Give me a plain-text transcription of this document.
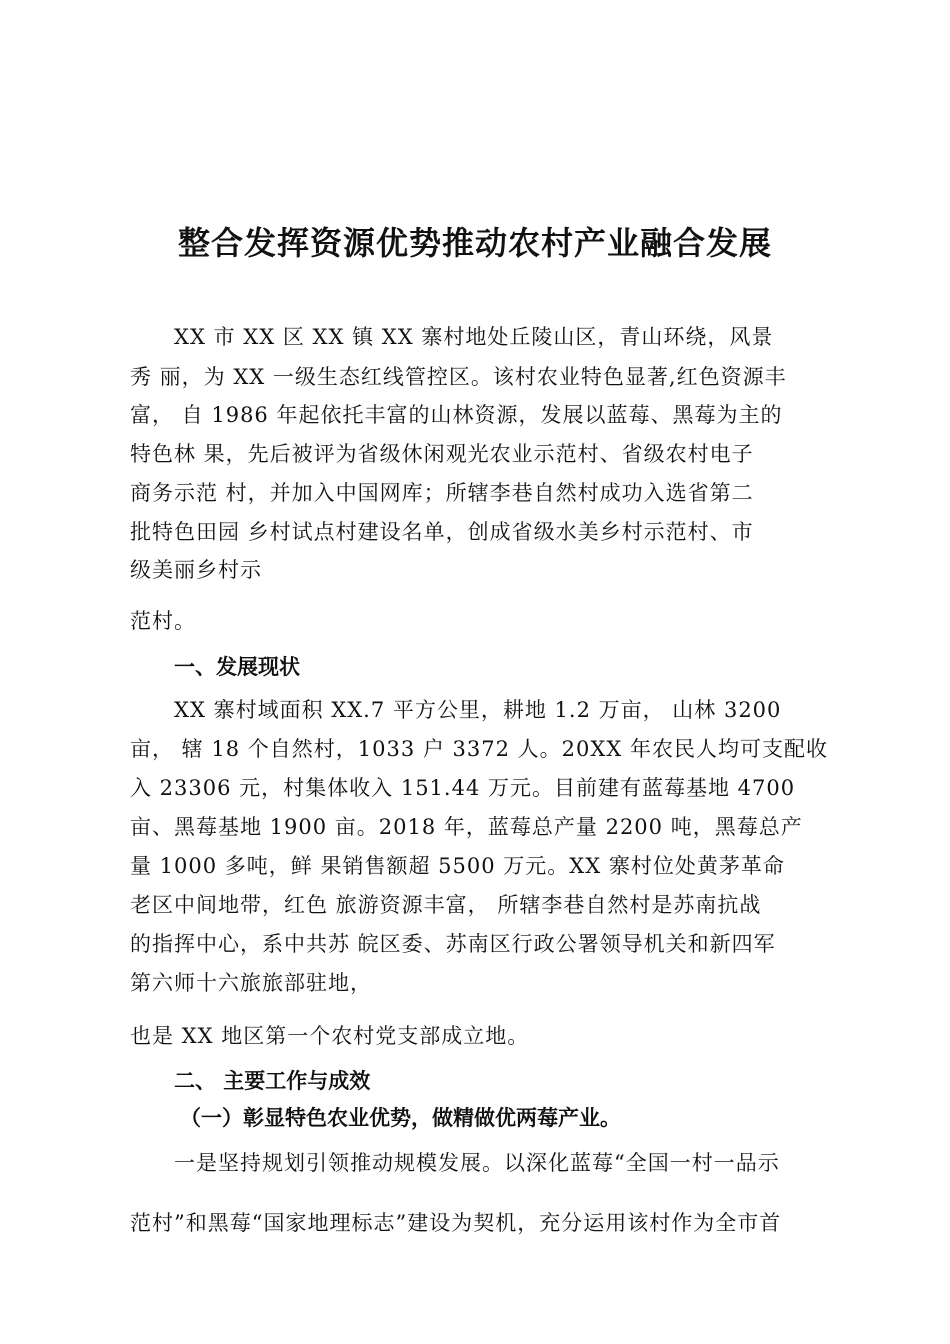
整合发挥资源优势推动农村产业融合发展
XX 市 XX 区 XX 镇 XX 寨村地处丘陵山区，青山环绕，风景
秀 丽，为 XX 一级生态红线管控区。该村农业特色显著,红色资源丰
富， 自 1986 年起依托丰富的山林资源，发展以蓝莓、黑莓为主的
特色林 果，先后被评为省级休闲观光农业示范村、省级农村电子
商务示范 村，并加入中国网库；所辖李巷自然村成功入选省第二
批特色田园 乡村试点村建设名单，创成省级水美乡村示范村、市
级美丽乡村示
范村。
一、发展现状
XX 寨村域面积 XX.7 平方公里，耕地 1.2 万亩， 山林 3200
亩， 辖 18 个自然村，1033 户 3372 人。20XX 年农民人均可支配收
入 23306 元，村集体收入 151.44 万元。目前建有蓝莓基地 4700
亩、黑莓基地 1900 亩。2018 年，蓝莓总产量 2200 吨，黑莓总产
量 1000 多吨，鲜 果销售额超 5500 万元。XX 寨村位处黄茅革命
老区中间地带，红色 旅游资源丰富， 所辖李巷自然村是苏南抗战
的指挥中心，系中共苏 皖区委、苏南区行政公署领导机关和新四军
第六师十六旅旅部驻地，
也是 XX 地区第一个农村党支部成立地。
二、 主要工作与成效
（一）彰显特色农业优势，做精做优两莓产业。
一是坚持规划引领推动规模发展。以深化蓝莓“全国一村一品示
范村”和黑莓“国家地理标志”建设为契机，充分运用该村作为全市首
